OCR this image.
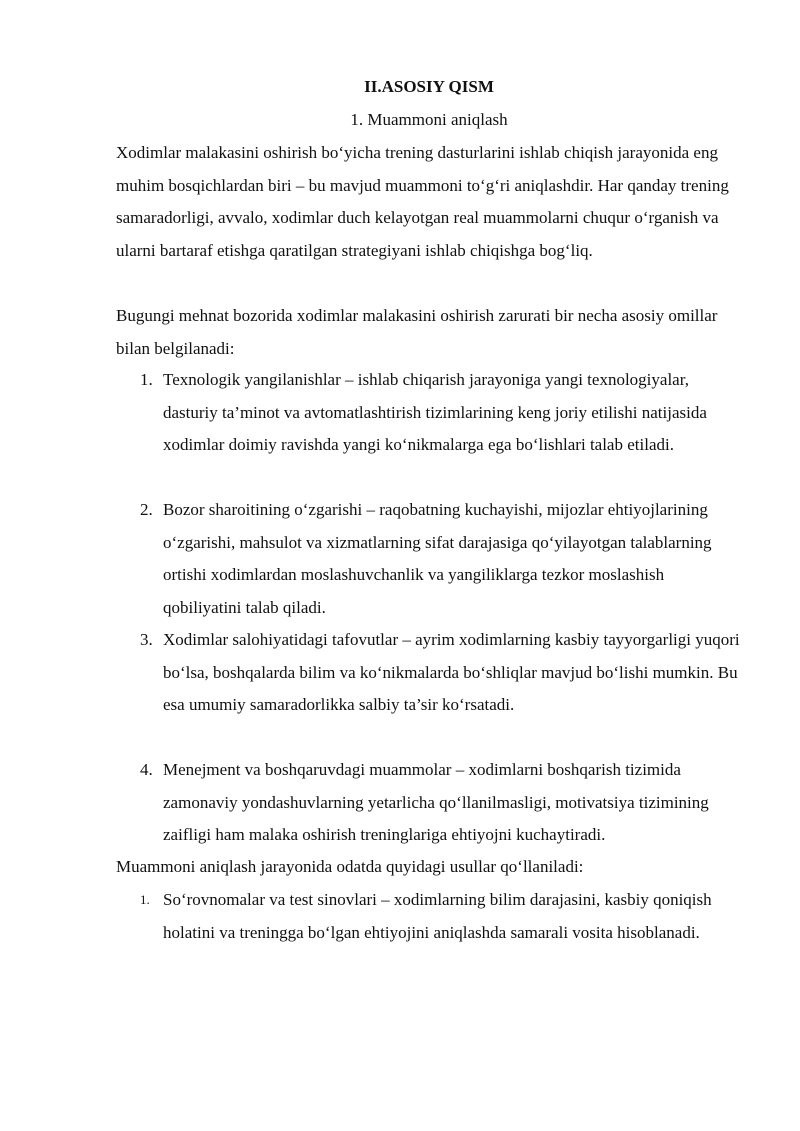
II.ASOSIY QISM
1. Muammoni aniqlash

Xodimlar malakasini oshirish bo‘yicha trening dasturlarini ishlab chiqish jarayonida eng muhim bosqichlardan biri – bu mavjud muammoni to‘g‘ri aniqlashdir. Har qanday trening samaradorligi, avvalo, xodimlar duch kelayotgan real muammolarni chuqur o‘rganish va ularni bartaraf etishga qaratilgan strategiyani ishlab chiqishga bog‘liq.

Bugungi mehnat bozorida xodimlar malakasini oshirish zarurati bir necha asosiy omillar bilan belgilanadi:

1. Texnologik yangilanishlar – ishlab chiqarish jarayoniga yangi texnologiyalar, dasturiy ta’minot va avtomatlashtirish tizimlarining keng joriy etilishi natijasida xodimlar doimiy ravishda yangi ko‘nikmalarga ega bo‘lishlari talab etiladi.

2. Bozor sharoitining o‘zgarishi – raqobatning kuchayishi, mijozlar ehtiyojlarining o‘zgarishi, mahsulot va xizmatlarning sifat darajasiga qo‘yilayotgan talablarning ortishi xodimlardan moslashuvchanlik va yangiliklarga tezkor moslashish qobiliyatini talab qiladi.

3. Xodimlar salohiyatidagi tafovutlar – ayrim xodimlarning kasbiy tayyorgarligi yuqori bo‘lsa, boshqalarda bilim va ko‘nikmalarda bo‘shliqlar mavjud bo‘lishi mumkin. Bu esa umumiy samaradorlikka salbiy ta’sir ko‘rsatadi.

4. Menejment va boshqaruvdagi muammolar – xodimlarni boshqarish tizimida zamonaviy yondashuvlarning yetarlicha qo‘llanilmasligi, motivatsiya tizimining zaifligi ham malaka oshirish treninglariga ehtiyojni kuchaytiradi.

Muammoni aniqlash jarayonida odatda quyidagi usullar qo‘llaniladi:

1. So‘rovnomalar va test sinovlari – xodimlarning bilim darajasini, kasbiy qoniqish holatini va treningga bo‘lgan ehtiyojini aniqlashda samarali vosita hisoblanadi.
